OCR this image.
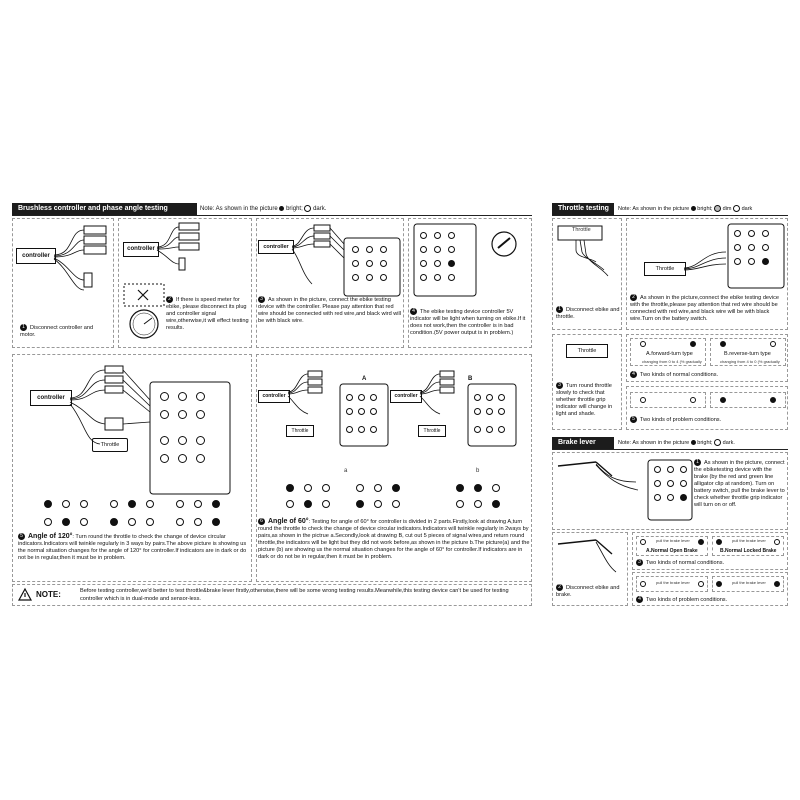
Brushless controller and phase angle testing	Note: As shown in the picture bright; dark.
controller
1 Disconnect controller and motor.
controller
2 If there is speed meter for ebike, please disconnect its plug and controller signal wire,otherwise,it will effect testing results.
controller
3 As shown in the picture, connect the ebike testing device with the controller. Please pay attention that red wire should be connected with red wire,and black wird will be with black wire.
4 The ebike testing device controller 5V indicator will be light when turning on ebike.If it does not work,then the controller is in bad condition.(5V power output is in problem.)
controller
Throttle
5 Angle of 120°: Turn round the throttle to check the change of device circular indicators.Indicators will twinkle regularly in 3 ways by pairs.The above picture is showing us the normal situation changes for the angle of 120° for controller.If indicators are in dark or do not be in regular,then it must be in problem.
A	B
controller	controller
Throttle	Throttle
a	b
6 Angle of 60°: Testing for angle of 60° for controller is divided in 2 parts.Firstly,look at drawing A,turn round the throttle to check the change of device circular indicators.Indicators will twinkle regularly in 2ways by pairs,as shown in the pictrue a.Secondly,look at drawing B, cut out 5 pieces of signal wires,and return round throttle,the indicators will be light but they did not work before,as shown in the picture b.The picture(a) and the picture (b) are showing us the normal situation changes for the angle of 60° for controller.If indicators are in dark or do not be in regular,then it must be in problem.
NOTE:	Before testing controller,we'd better to test throttle&brake lever firstly,otherwise,there will be some wrong testing results.Meanwhile,this testing device can't be used for testing controller which is in dual-mode and sensor-less.
Throttle testing	Note: As shown in the picture bright; dim dark
Throttle
1 Disconnect ebike and throttle.
Throttle
2 As shown in the picture,connect the ebike testing device with the throttle,please pay attention that red wire should be connected with red wire,and black wire will be with black wire.Turn on the battery switch.
Throttle
3 Turn round throttle slowly to check that whether throttle grip indicator will change in light and shade.
A.forward-turn type
changing from 0 to 4 (% gradually
B.reverse-turn type
changing from 4 to 0 (% gradually
4 Two kinds of normal conditions.
5 Two kinds of problem conditions.
Brake lever testing
Note: As shown in the picture bright; dark.
1 As shown in the picture, connect the ebiketesting device with the brake (by the red and green line alligator clip at random). Turn on battery switch, pull the brake lever to check whether throttle grip indicator will turn on or off.
2 Disconnect ebike and brake.
pull the brake lever	pull the brake lever
A.Normal Open Brake	B.Normal Locked Brake
3 Two kinds of normal conditions.
pull the brake lever	pull the brake lever
4 Two kinds of problem conditions.
